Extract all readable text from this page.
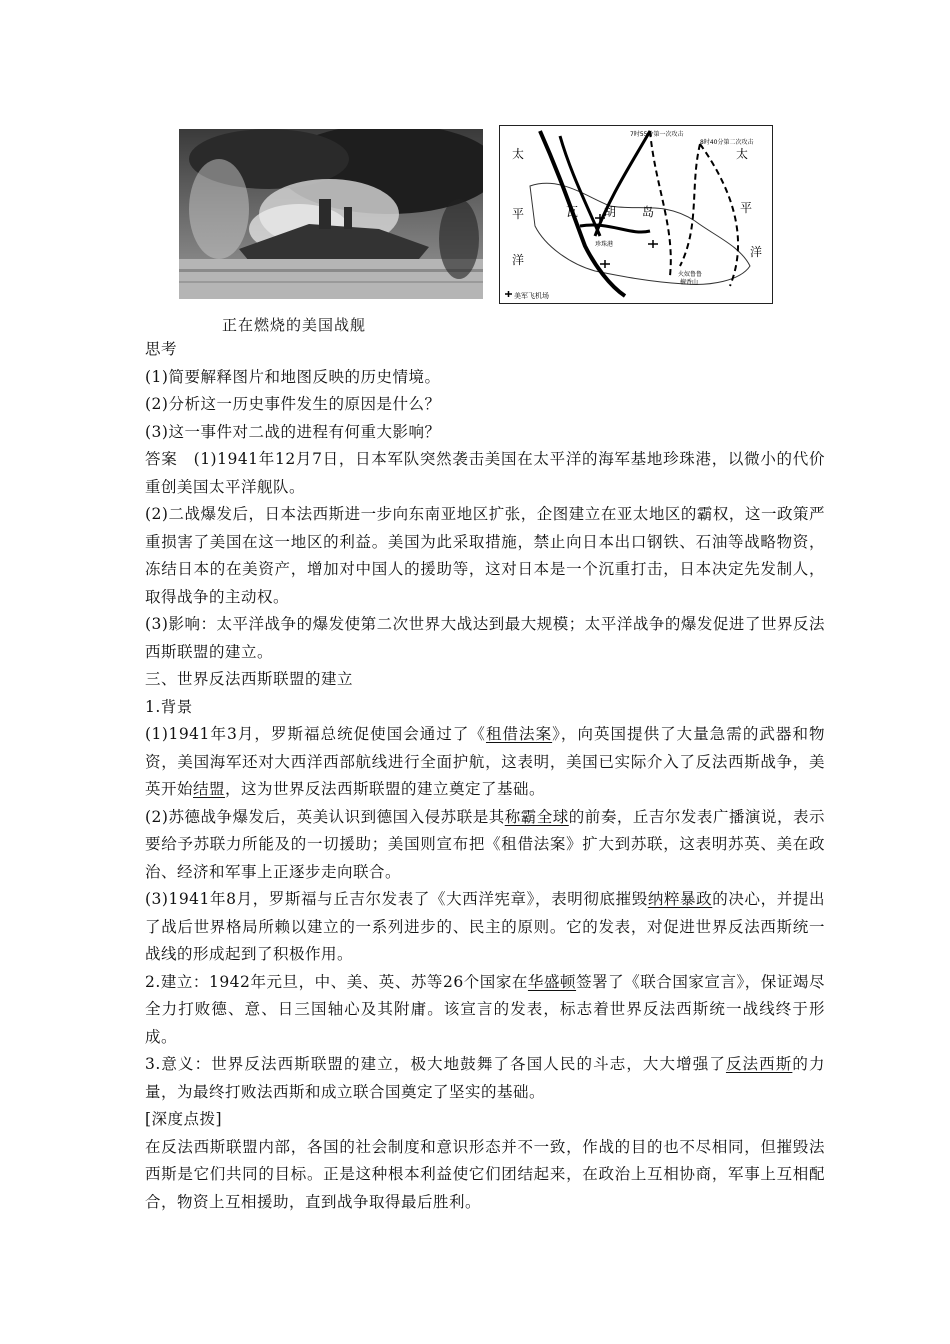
太
平
洋
太
平
洋
瓦 胡 岛
7时55分第一次攻击
8时40分第二次攻击
珍珠港
火奴鲁鲁
檀香山
美军飞机场
正在燃烧的美国战舰

思考

(1)简要解释图片和地图反映的历史情境。

(2)分析这一历史事件发生的原因是什么？

(3)这一事件对二战的进程有何重大影响？

答案　 (1)1941年12月7日，日本军队突然袭击美国在太平洋的海军基地珍珠港，以微小的代价重创美国太平洋舰队。

(2)二战爆发后，日本法西斯进一步向东南亚地区扩张，企图建立在亚太地区的霸权，这一政策严重损害了美国在这一地区的利益。美国为此采取措施，禁止向日本出口钢铁、石油等战略物资，冻结日本的在美资产，增加对中国人的援助等，这对日本是一个沉重打击，日本决定先发制人，取得战争的主动权。

(3)影响：太平洋战争的爆发使第二次世界大战达到最大规模；太平洋战争的爆发促进了世界反法西斯联盟的建立。

三、世界反法西斯联盟的建立

1.背景

(1)1941年3月，罗斯福总统促使国会通过了《租借法案》，向英国提供了大量急需的武器和物资，美国海军还对大西洋西部航线进行全面护航，这表明，美国已实际介入了反法西斯战争，美英开始结盟，这为世界反法西斯联盟的建立奠定了基础。

(2)苏德战争爆发后，英美认识到德国入侵苏联是其称霸全球的前奏，丘吉尔发表广播演说，表示要给予苏联力所能及的一切援助；美国则宣布把《租借法案》扩大到苏联，这表明苏英、美在政治、经济和军事上正逐步走向联合。

(3)1941年8月，罗斯福与丘吉尔发表了《大西洋宪章》，表明彻底摧毁纳粹暴政的决心，并提出了战后世界格局所赖以建立的一系列进步的、民主的原则。它的发表，对促进世界反法西斯统一战线的形成起到了积极作用。

2.建立：1942年元旦，中、美、英、苏等26个国家在华盛顿签署了《联合国家宣言》，保证竭尽全力打败德、意、日三国轴心及其附庸。该宣言的发表，标志着世界反法西斯统一战线终于形成。

3.意义：世界反法西斯联盟的建立，极大地鼓舞了各国人民的斗志，大大增强了反法西斯的力量，为最终打败法西斯和成立联合国奠定了坚实的基础。

[深度点拨]

在反法西斯联盟内部，各国的社会制度和意识形态并不一致，作战的目的也不尽相同，但摧毁法西斯是它们共同的目标。正是这种根本利益使它们团结起来，在政治上互相协商，军事上互相配合，物资上互相援助，直到战争取得最后胜利。
